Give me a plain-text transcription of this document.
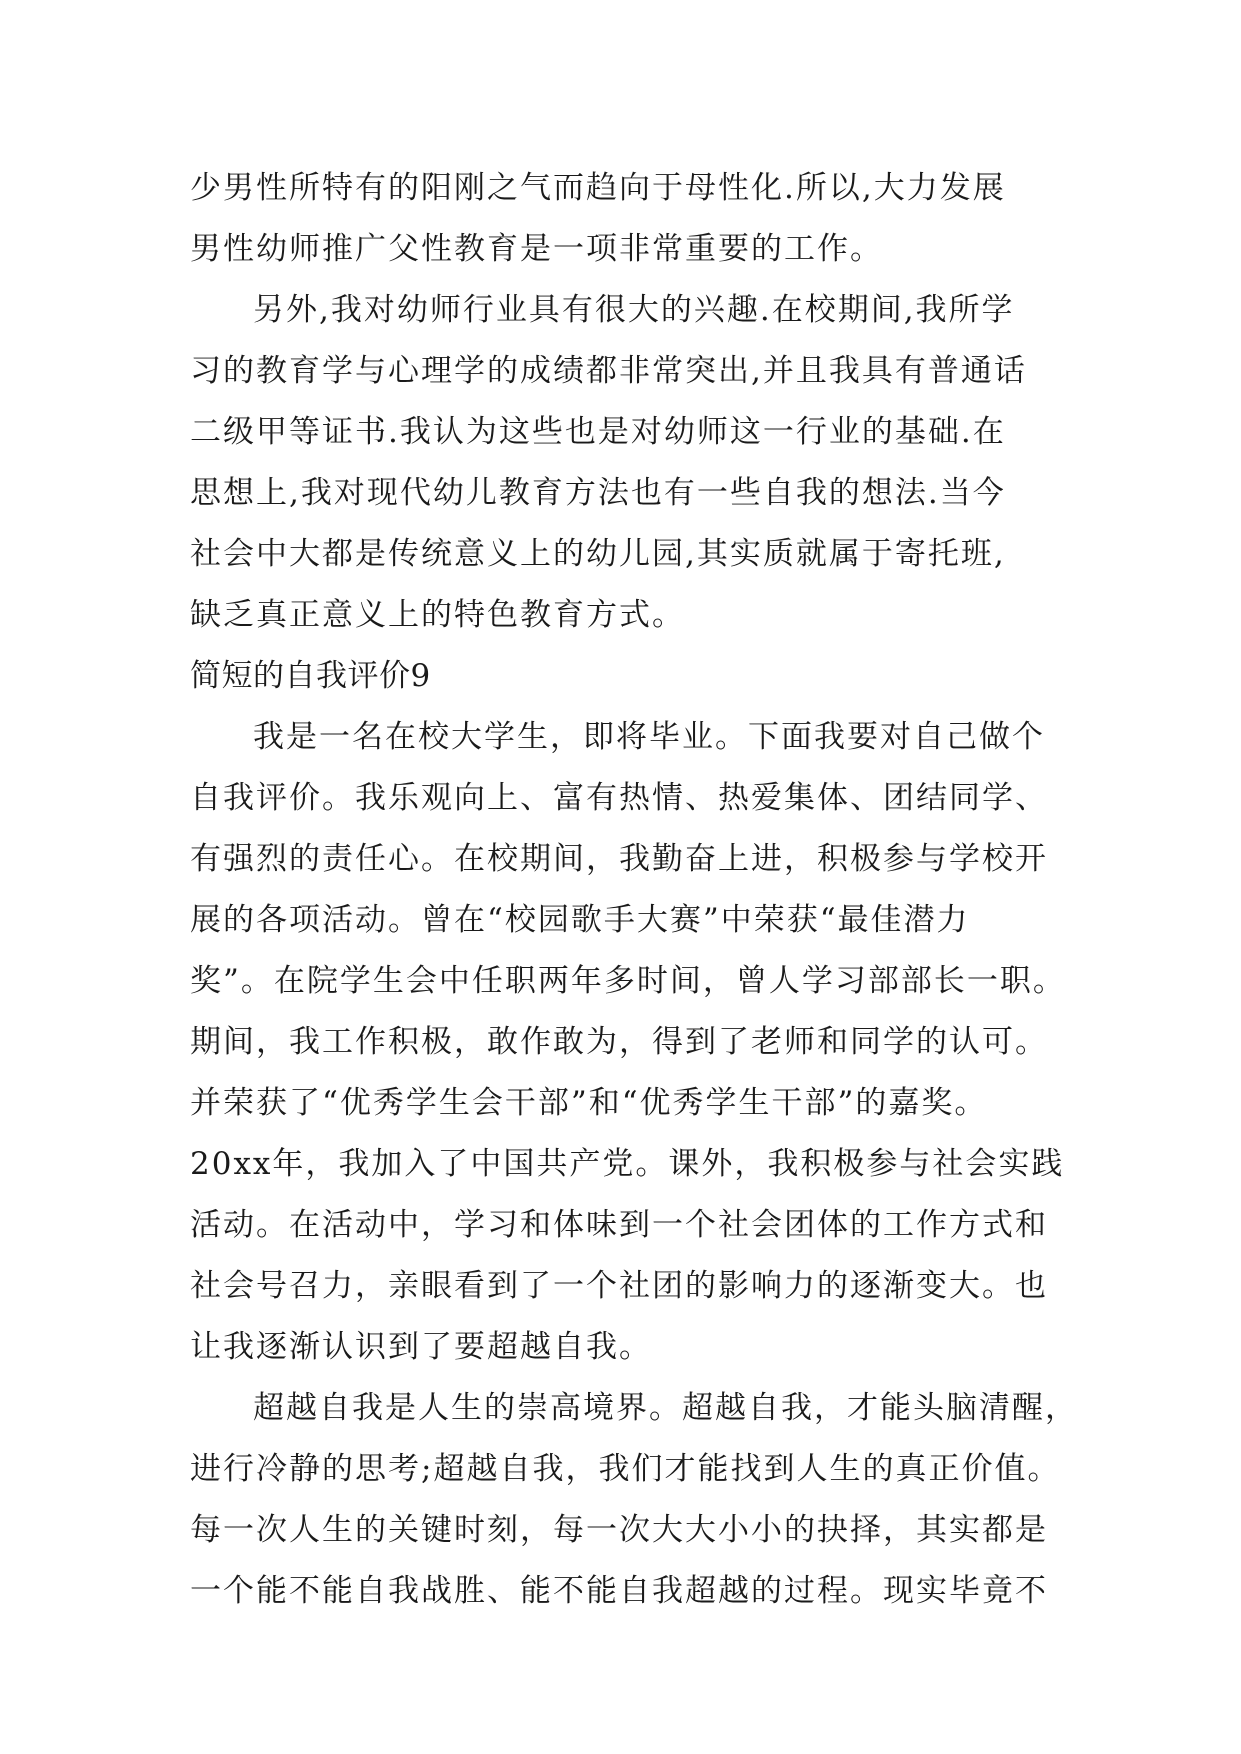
少男性所特有的阳刚之气而趋向于母性化.所以,大力发展
男性幼师推广父性教育是一项非常重要的工作。
另外,我对幼师行业具有很大的兴趣.在校期间,我所学
习的教育学与心理学的成绩都非常突出,并且我具有普通话
二级甲等证书.我认为这些也是对幼师这一行业的基础.在
思想上,我对现代幼儿教育方法也有一些自我的想法.当今
社会中大都是传统意义上的幼儿园,其实质就属于寄托班,
缺乏真正意义上的特色教育方式。
简短的自我评价9
我是一名在校大学生，即将毕业。下面我要对自己做个
自我评价。我乐观向上、富有热情、热爱集体、团结同学、
有强烈的责任心。在校期间，我勤奋上进，积极参与学校开
展的各项活动。曾在“校园歌手大赛”中荣获“最佳潜力
奖”。在院学生会中任职两年多时间，曾人学习部部长一职。
期间，我工作积极，敢作敢为，得到了老师和同学的认可。
并荣获了“优秀学生会干部”和“优秀学生干部”的嘉奖。
20xx年，我加入了中国共产党。课外，我积极参与社会实践
活动。在活动中，学习和体味到一个社会团体的工作方式和
社会号召力，亲眼看到了一个社团的影响力的逐渐变大。也
让我逐渐认识到了要超越自我。
超越自我是人生的崇高境界。超越自我，才能头脑清醒，
进行冷静的思考;超越自我，我们才能找到人生的真正价值。
每一次人生的关键时刻，每一次大大小小的抉择，其实都是
一个能不能自我战胜、能不能自我超越的过程。现实毕竟不
